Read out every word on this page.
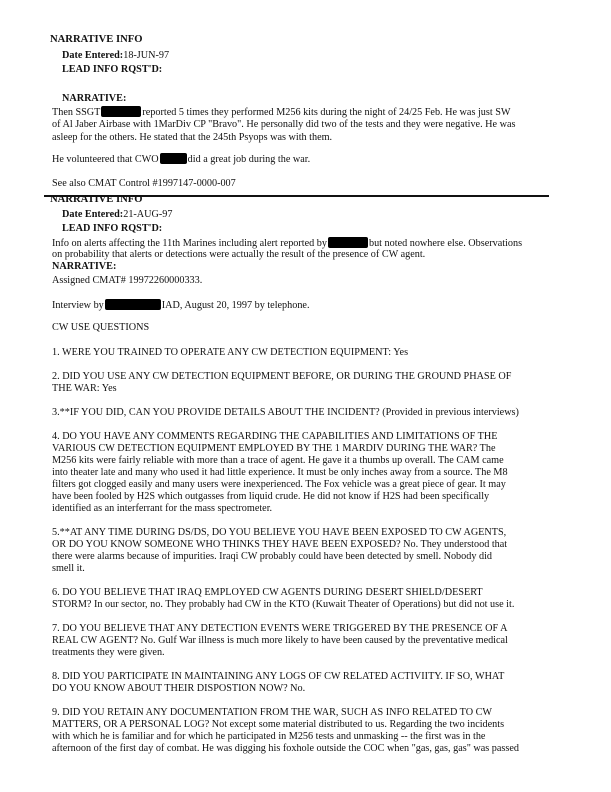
NARRATIVE INFO
Date Entered:18-JUN-97
LEAD INFO RQST'D:
NARRATIVE:
Then SSGT	reported 5 times they performed M256 kits during the night of 24/25 Feb. He was just SW
of Al Jaber Airbase with 1MarDiv CP "Bravo". He personally did two of the tests and they were negative. He was
asleep for the others. He stated that the 245th Psyops was with them.
He volunteered that CWO	did a great job during the war.
See also CMAT Control #1997147-0000-007
NARRATIVE INFO
Date Entered:21-AUG-97
LEAD INFO RQST'D:
Info on alerts affecting the 11th Marines including alert reported by	but noted nowhere else. Observations
on probability that alerts or detections were actually the result of the presence of CW agent.
NARRATIVE:
Assigned CMAT# 19972260000333.
Interview by	IAD, August 20, 1997 by telephone.
CW USE QUESTIONS
1. WERE YOU TRAINED TO OPERATE ANY CW DETECTION EQUIPMENT: Yes
2. DID YOU USE ANY CW DETECTION EQUIPMENT BEFORE, OR DURING THE GROUND PHASE OF
THE WAR: Yes
3.**IF YOU DID, CAN YOU PROVIDE DETAILS ABOUT THE INCIDENT? (Provided in previous interviews)
4. DO YOU HAVE ANY COMMENTS REGARDING THE CAPABILITIES AND LIMITATIONS OF THE
VARIOUS CW DETECTION EQUIPMENT EMPLOYED BY THE 1 MARDIV DURING THE WAR? The
M256 kits were fairly reliable with more than a trace of agent. He gave it a thumbs up overall. The CAM came
into theater late and many who used it had little experience. It must be only inches away from a source. The M8
filters got clogged easily and many users were inexperienced. The Fox vehicle was a great piece of gear. It may
have been fooled by H2S which outgasses from liquid crude. He did not know if H2S had been specifically
identified as an interferrant for the mass spectrometer.
5.**AT ANY TIME DURING DS/DS, DO YOU BELIEVE YOU HAVE BEEN EXPOSED TO CW AGENTS,
OR DO YOU KNOW SOMEONE WHO THINKS THEY HAVE BEEN EXPOSED? No. They understood that
there were alarms because of impurities. Iraqi CW probably could have been detected by smell. Nobody did
smell it.
6. DO YOU BELIEVE THAT IRAQ EMPLOYED CW AGENTS DURING DESERT SHIELD/DESERT
STORM? In our sector, no. They probably had CW in the KTO (Kuwait Theater of Operations) but did not use it.
7. DO YOU BELIEVE THAT ANY DETECTION EVENTS WERE TRIGGERED BY THE PRESENCE OF A
REAL CW AGENT? No. Gulf War illness is much more likely to have been caused by the preventative medical
treatments they were given.
8. DID YOU PARTICIPATE IN MAINTAINING ANY LOGS OF CW RELATED ACTIVIITY. IF SO, WHAT
DO YOU KNOW ABOUT THEIR DISPOSTION NOW? No.
9. DID YOU RETAIN ANY DOCUMENTATION FROM THE WAR, SUCH AS INFO RELATED TO CW
MATTERS, OR A PERSONAL LOG? Not except some material distributed to us. Regarding the two incidents
with which he is familiar and for which he participated in M256 tests and unmasking -- the first was in the
afternoon of the first day of combat. He was digging his foxhole outside the COC when "gas, gas, gas" was passed
